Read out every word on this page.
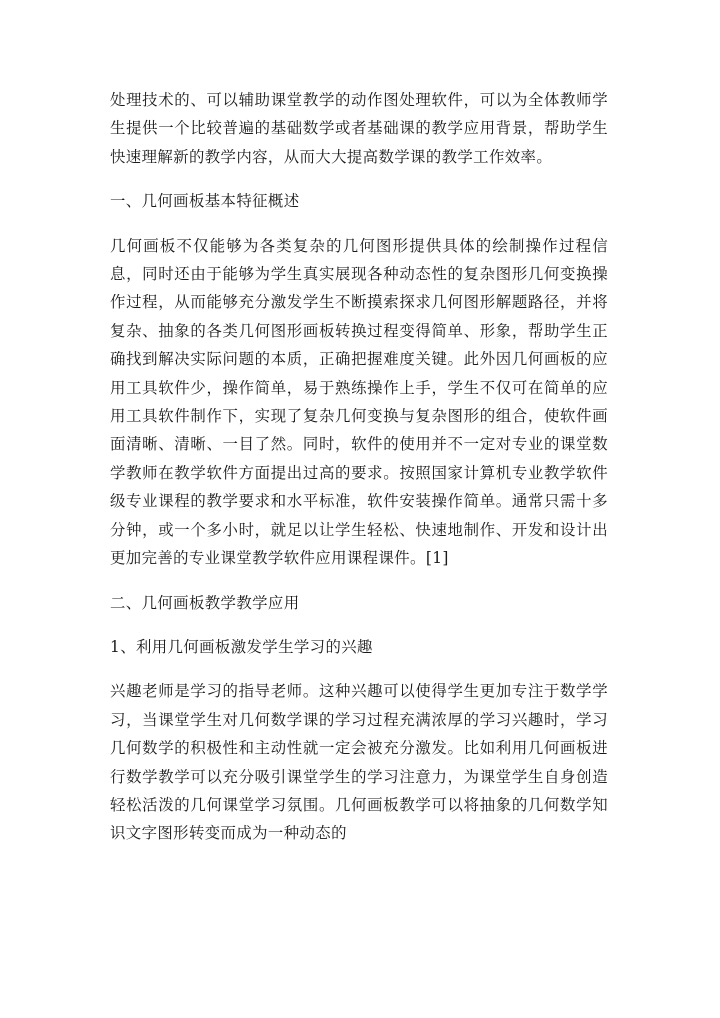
处理技术的、可以辅助课堂教学的动作图处理软件，可以为全体教师学生提供一个比较普遍的基础数学或者基础课的教学应用背景，帮助学生快速理解新的教学内容，从而大大提高数学课的教学工作效率。

一、几何画板基本特征概述

几何画板不仅能够为各类复杂的几何图形提供具体的绘制操作过程信息，同时还由于能够为学生真实展现各种动态性的复杂图形几何变换操作过程，从而能够充分激发学生不断摸索探求几何图形解题路径，并将复杂、抽象的各类几何图形画板转换过程变得简单、形象，帮助学生正确找到解决实际问题的本质，正确把握难度关键。此外因几何画板的应用工具软件少，操作简单，易于熟练操作上手，学生不仅可在简单的应用工具软件制作下，实现了复杂几何变换与复杂图形的组合，使软件画面清晰、清晰、一目了然。同时，软件的使用并不一定对专业的课堂数学教师在教学软件方面提出过高的要求。按照国家计算机专业教学软件级专业课程的教学要求和水平标准，软件安装操作简单。通常只需十多分钟，或一个多小时，就足以让学生轻松、快速地制作、开发和设计出更加完善的专业课堂教学软件应用课程课件。[1]

二、几何画板教学教学应用

1、利用几何画板激发学生学习的兴趣

兴趣老师是学习的指导老师。这种兴趣可以使得学生更加专注于数学学习，当课堂学生对几何数学课的学习过程充满浓厚的学习兴趣时，学习几何数学的积极性和主动性就一定会被充分激发。比如利用几何画板进行数学教学可以充分吸引课堂学生的学习注意力，为课堂学生自身创造轻松活泼的几何课堂学习氛围。几何画板教学可以将抽象的几何数学知识文字图形转变而成为一种动态的
